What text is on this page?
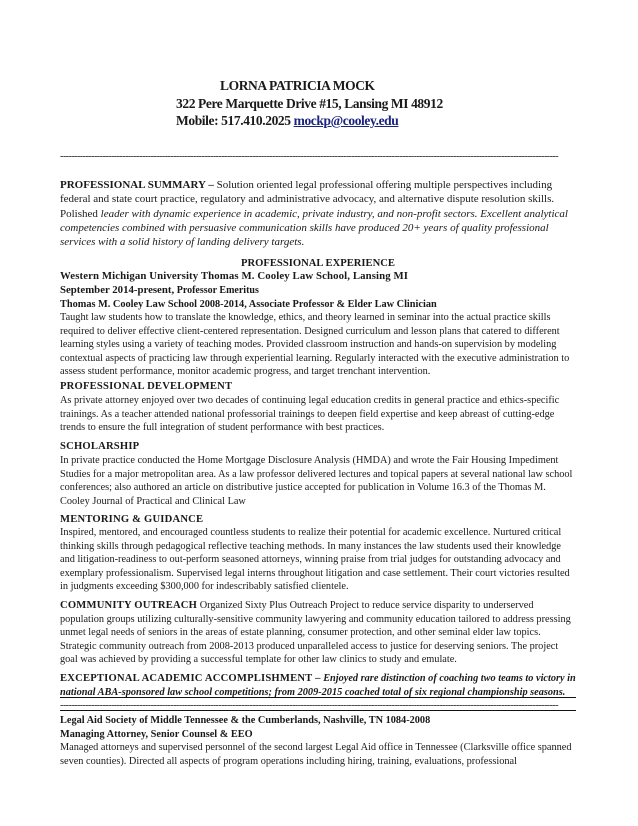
LORNA PATRICIA MOCK
322 Pere Marquette Drive #15, Lansing MI 48912
Mobile: 517.410.2025 mockp@cooley.edu
--------------------------------------------------------------------------------------------------------------------------------------------------------------------------------
PROFESSIONAL SUMMARY – Solution oriented legal professional offering multiple perspectives including federal and state court practice, regulatory and administrative advocacy, and alternative dispute resolution skills. Polished leader with dynamic experience in academic, private industry, and non-profit sectors. Excellent analytical competencies combined with persuasive communication skills have produced 20+ years of quality professional services with a solid history of landing delivery targets.
PROFESSIONAL EXPERIENCE
Western Michigan University Thomas M. Cooley Law School, Lansing MI
September 2014-present, Professor Emeritus
Thomas M. Cooley Law School 2008-2014, Associate Professor & Elder Law Clinician
Taught law students how to translate the knowledge, ethics, and theory learned in seminar into the actual practice skills required to deliver effective client-centered representation. Designed curriculum and lesson plans that catered to different learning styles using a variety of teaching modes. Provided classroom instruction and hands-on supervision by modeling contextual aspects of practicing law through experiential learning. Regularly interacted with the executive administration to assess student performance, monitor academic progress, and target trenchant intervention.
PROFESSIONAL DEVELOPMENT
As private attorney enjoyed over two decades of continuing legal education credits in general practice and ethics-specific trainings. As a teacher attended national professorial trainings to deepen field expertise and keep abreast of cutting-edge trends to ensure the full integration of student performance with best practices.
SCHOLARSHIP
In private practice conducted the Home Mortgage Disclosure Analysis (HMDA) and wrote the Fair Housing Impediment Studies for a major metropolitan area. As a law professor delivered lectures and topical papers at several national law school conferences; also authored an article on distributive justice accepted for publication in Volume 16.3 of the Thomas M. Cooley Journal of Practical and Clinical Law
MENTORING & GUIDANCE
Inspired, mentored, and encouraged countless students to realize their potential for academic excellence. Nurtured critical thinking skills through pedagogical reflective teaching methods. In many instances the law students used their knowledge and litigation-readiness to out-perform seasoned attorneys, winning praise from trial judges for outstanding advocacy and exemplary professionalism. Supervised legal interns throughout litigation and case settlement. Their court victories resulted in judgments exceeding $300,000 for indescribably satisfied clientele.
COMMUNITY OUTREACH Organized Sixty Plus Outreach Project to reduce service disparity to underserved population groups utilizing culturally-sensitive community lawyering and community education tailored to address pressing unmet legal needs of seniors in the areas of estate planning, consumer protection, and other seminal elder law topics. Strategic community outreach from 2008-2013 produced unparalleled access to justice for deserving seniors. The project goal was achieved by providing a successful template for other law clinics to study and emulate.
EXCEPTIONAL ACADEMIC ACCOMPLISHMENT – Enjoyed rare distinction of coaching two teams to victory in national ABA-sponsored law school competitions; from 2009-2015 coached total of six regional championship seasons.
--------------------------------------------------------------------------------------------------------------------------------------------------------------------------------
Legal Aid Society of Middle Tennessee & the Cumberlands, Nashville, TN 1084-2008
Managing Attorney, Senior Counsel & EEO
Managed attorneys and supervised personnel of the second largest Legal Aid office in Tennessee (Clarksville office spanned seven counties). Directed all aspects of program operations including hiring, training, evaluations, professional
